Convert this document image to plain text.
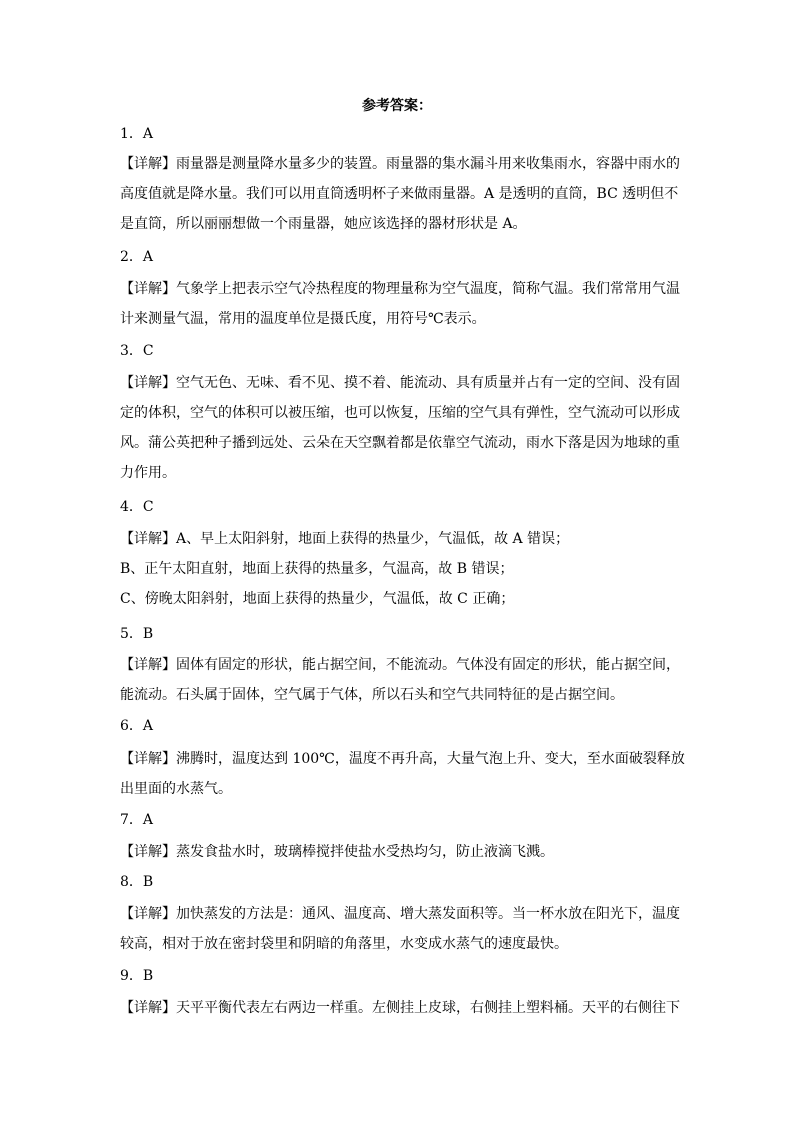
参考答案：
1．A
【详解】雨量器是测量降水量多少的装置。雨量器的集水漏斗用来收集雨水，容器中雨水的
高度值就是降水量。我们可以用直筒透明杯子来做雨量器。A 是透明的直筒，BC 透明但不
是直筒，所以丽丽想做一个雨量器，她应该选择的器材形状是 A。
2．A
【详解】气象学上把表示空气冷热程度的物理量称为空气温度，简称气温。我们常常用气温
计来测量气温，常用的温度单位是摄氏度，用符号℃表示。
3．C
【详解】空气无色、无味、看不见、摸不着、能流动、具有质量并占有一定的空间、没有固
定的体积，空气的体积可以被压缩，也可以恢复，压缩的空气具有弹性，空气流动可以形成
风。蒲公英把种子播到远处、云朵在天空飘着都是依靠空气流动，雨水下落是因为地球的重
力作用。
4．C
【详解】A、早上太阳斜射，地面上获得的热量少，气温低，故 A 错误；
B、正午太阳直射，地面上获得的热量多，气温高，故 B 错误；
C、傍晚太阳斜射，地面上获得的热量少，气温低，故 C 正确；
5．B
【详解】固体有固定的形状，能占据空间，不能流动。气体没有固定的形状，能占据空间，
能流动。石头属于固体，空气属于气体，所以石头和空气共同特征的是占据空间。
6．A
【详解】沸腾时，温度达到 100℃，温度不再升高，大量气泡上升、变大，至水面破裂释放
出里面的水蒸气。
7．A
【详解】蒸发食盐水时，玻璃棒搅拌使盐水受热均匀，防止液滴飞溅。
8．B
【详解】加快蒸发的方法是：通风、温度高、增大蒸发面积等。当一杯水放在阳光下，温度
较高，相对于放在密封袋里和阴暗的角落里，水变成水蒸气的速度最快。
9．B
【详解】天平平衡代表左右两边一样重。左侧挂上皮球，右侧挂上塑料桶。天平的右侧往下
